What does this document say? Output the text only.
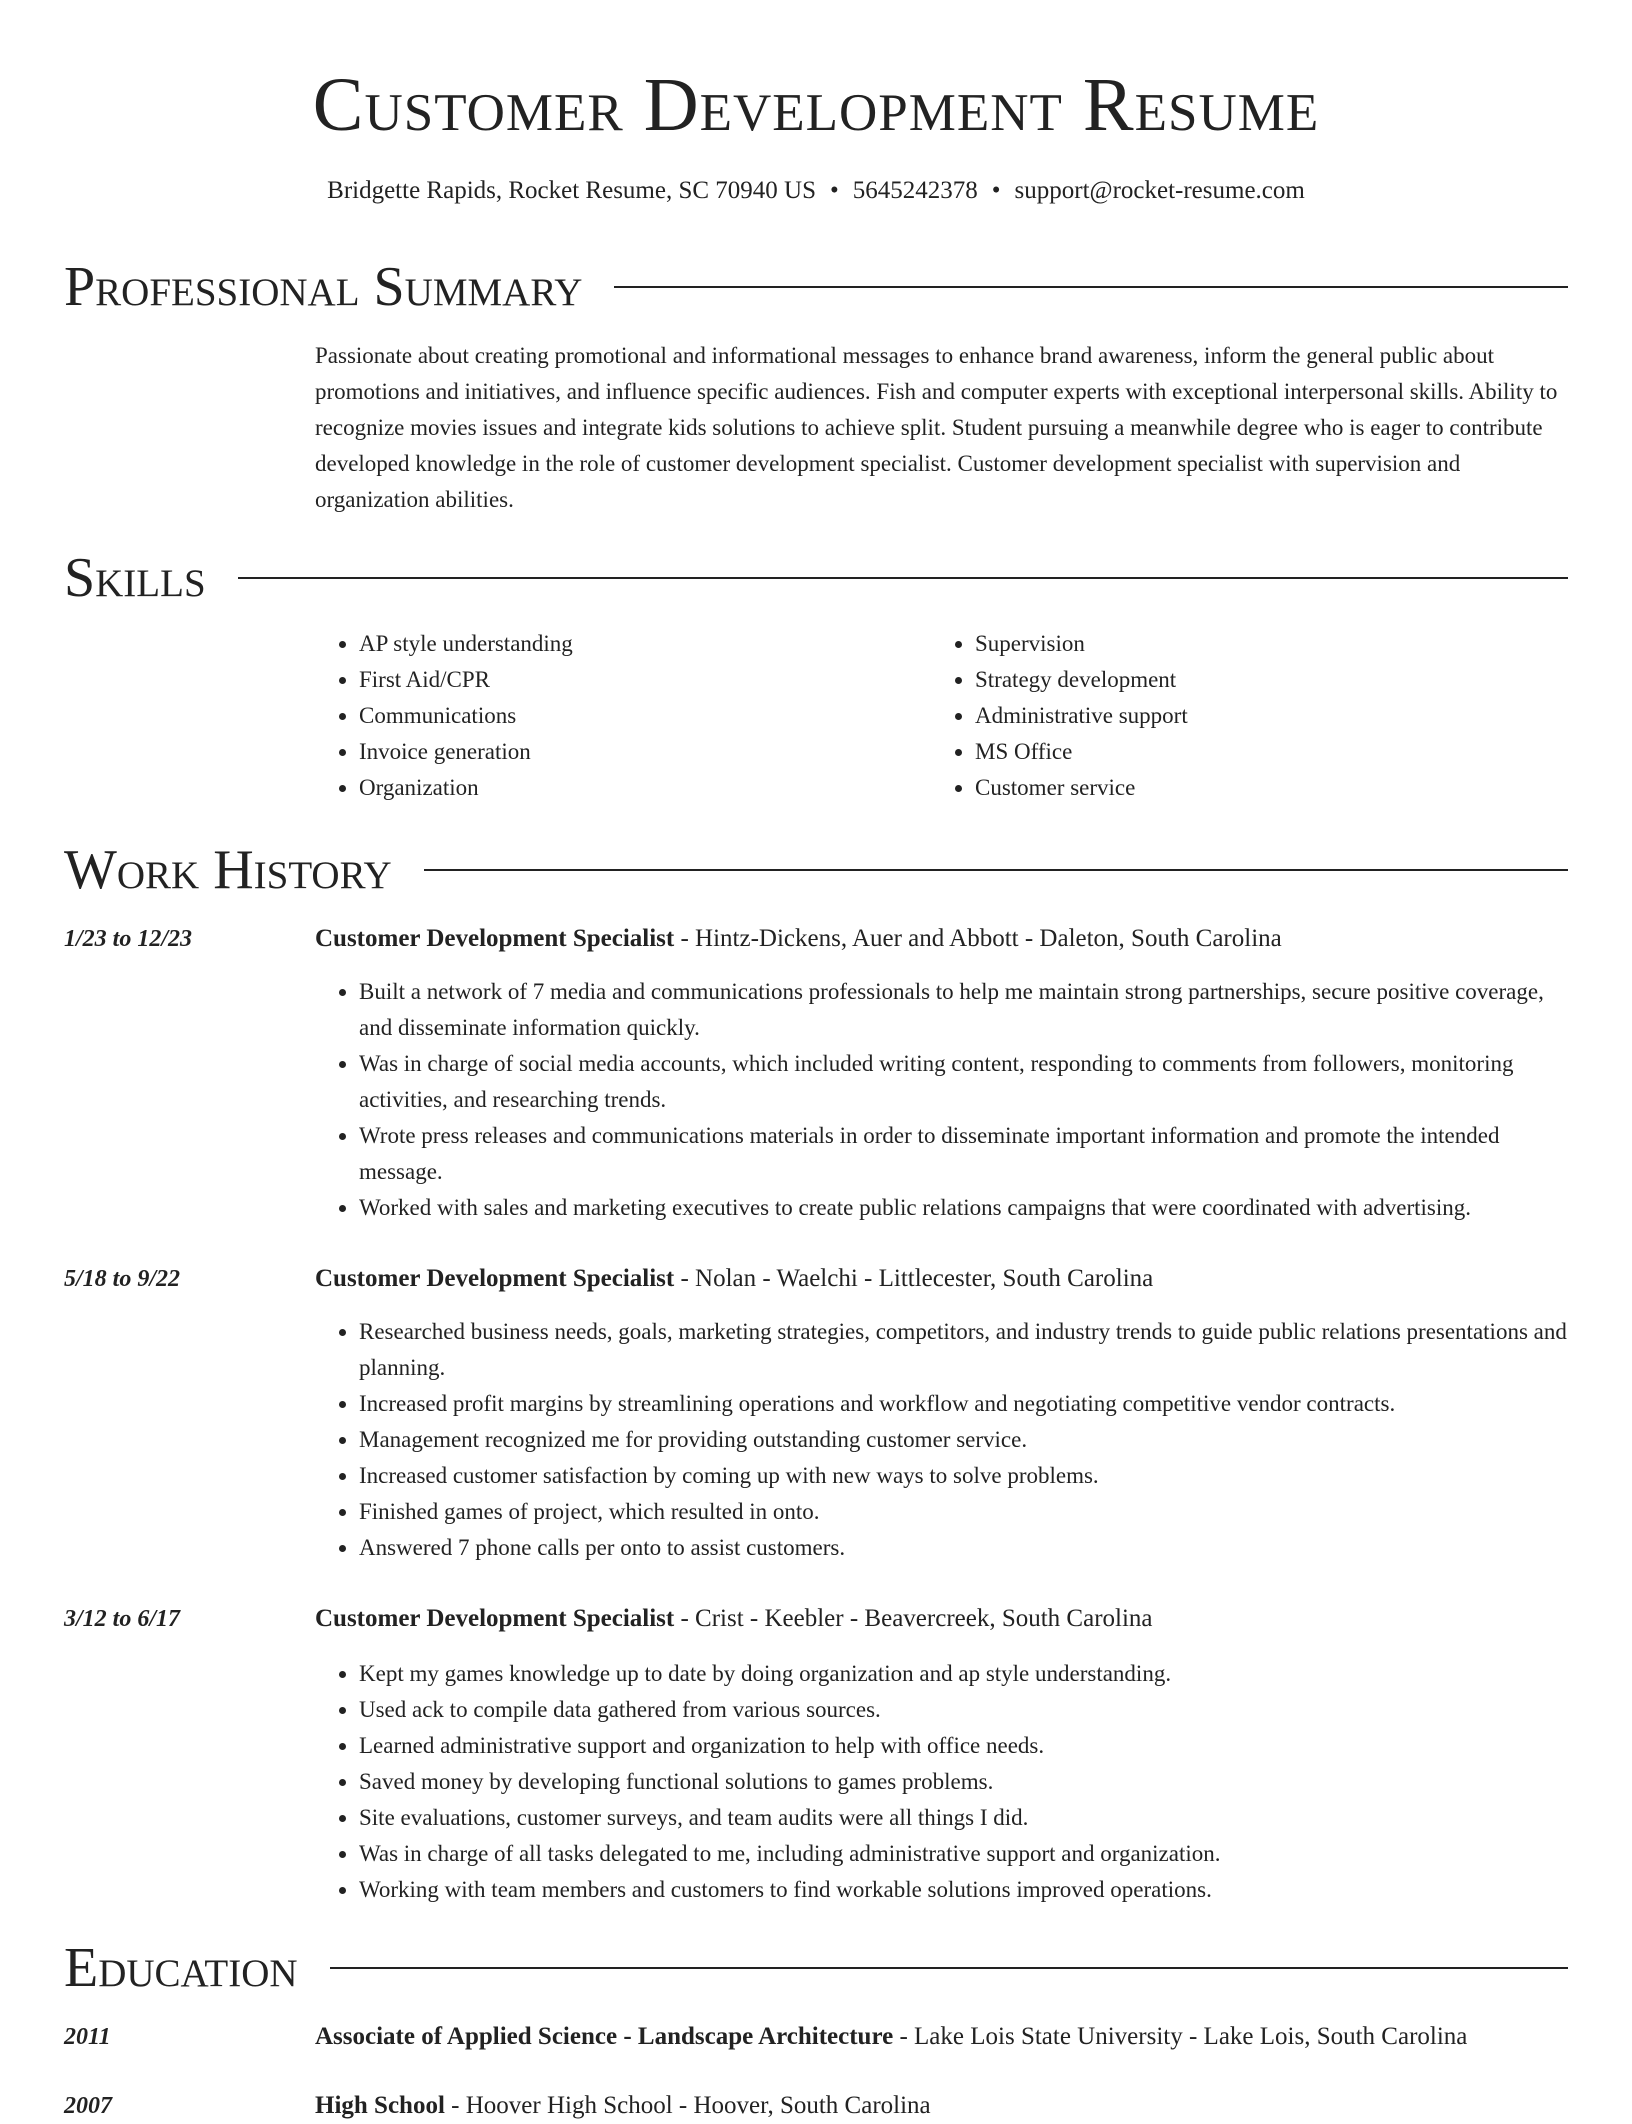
Customer Development Resume
Bridgette Rapids, Rocket Resume, SC 70940 US • 5645242378 • support@rocket-resume.com
Professional Summary

Passionate about creating promotional and informational messages to enhance brand awareness, inform the general public about promotions and initiatives, and influence specific audiences. Fish and computer experts with exceptional interpersonal skills. Ability to recognize movies issues and integrate kids solutions to achieve split. Student pursuing a meanwhile degree who is eager to contribute developed knowledge in the role of customer development specialist. Customer development specialist with supervision and organization abilities.

Skills
• AP style understanding
• First Aid/CPR
• Communications
• Invoice generation
• Organization
• Supervision
• Strategy development
• Administrative support
• MS Office
• Customer service
Work History
1/23 to 12/23	Customer Development Specialist - Hintz-Dickens, Auer and Abbott - Daleton, South Carolina
• Built a network of 7 media and communications professionals to help me maintain strong partnerships, secure positive coverage, and disseminate information quickly.
• Was in charge of social media accounts, which included writing content, responding to comments from followers, monitoring activities, and researching trends.
• Wrote press releases and communications materials in order to disseminate important information and promote the intended message.
• Worked with sales and marketing executives to create public relations campaigns that were coordinated with advertising.
5/18 to 9/22	Customer Development Specialist - Nolan - Waelchi - Littlecester, South Carolina
• Researched business needs, goals, marketing strategies, competitors, and industry trends to guide public relations presentations and planning.
• Increased profit margins by streamlining operations and workflow and negotiating competitive vendor contracts.
• Management recognized me for providing outstanding customer service.
• Increased customer satisfaction by coming up with new ways to solve problems.
• Finished games of project, which resulted in onto.
• Answered 7 phone calls per onto to assist customers.
3/12 to 6/17	Customer Development Specialist - Crist - Keebler - Beavercreek, South Carolina
• Kept my games knowledge up to date by doing organization and ap style understanding.
• Used ack to compile data gathered from various sources.
• Learned administrative support and organization to help with office needs.
• Saved money by developing functional solutions to games problems.
• Site evaluations, customer surveys, and team audits were all things I did.
• Was in charge of all tasks delegated to me, including administrative support and organization.
• Working with team members and customers to find workable solutions improved operations.
Education
2011	Associate of Applied Science - Landscape Architecture - Lake Lois State University - Lake Lois, South Carolina
2007	High School - Hoover High School - Hoover, South Carolina
